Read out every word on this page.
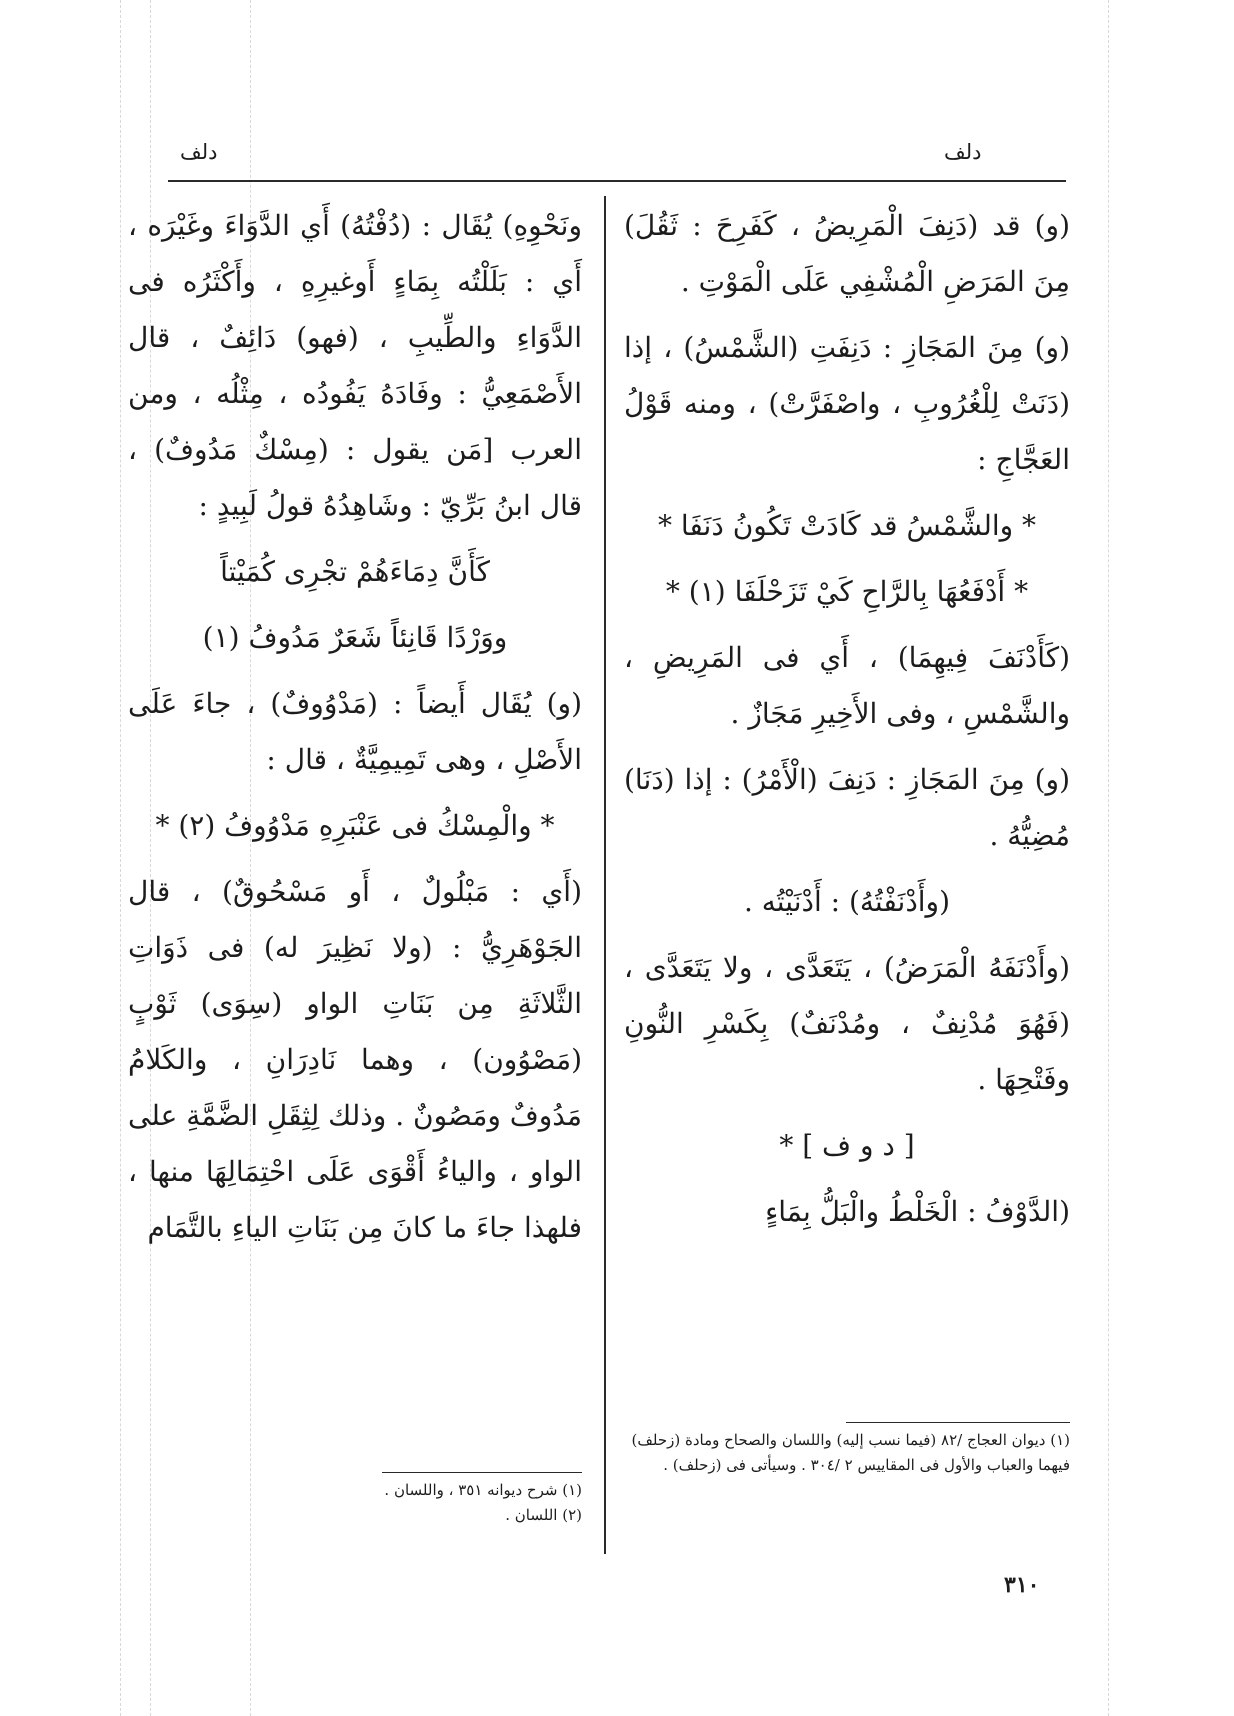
دلف
دلف

(و) قد (دَنِفَ الْمَرِيضُ ، كَفَرِحَ : ثَقُلَ) مِنَ المَرَضِ الْمُشْفِي عَلَى الْمَوْتِ .

(و) مِنَ المَجَازِ : دَنِفَتِ (الشَّمْسُ) ، إذا (دَنَتْ لِلْغُرُوبِ ، واصْفَرَّتْ) ، ومنه قَوْلُ العَجَّاجِ :

* والشَّمْسُ قد كَادَتْ تَكُونُ دَنَفَا *

* أَدْفَعُهَا بِالرَّاحِ كَيْ تَزَحْلَفَا (١) *

(كَأَدْنَفَ فِيهِمَا) ، أَي فى المَرِيضِ ، والشَّمْسِ ، وفى الأَخِيرِ مَجَازٌ .

(و) مِنَ المَجَازِ : دَنِفَ (الْأَمْرُ) : إذا (دَنَا) مُضِيُّهُ .

(وأَدْنَفْتُهُ) : أَدْنَيْتُه .

(وأَدْنَفَهُ الْمَرَضُ) ، يَتَعَدَّى ، ولا يَتَعَدَّى ، (فَهُوَ مُدْنِفٌ ، ومُدْنَفٌ) بِكَسْرِ النُّونِ وفَتْحِهَا .

[ د و ف ] *

(الدَّوْفُ : الْخَلْطُ والْبَلُّ بِمَاءٍ

(١) ديوان العجاج /٨٢ (فيما نسب إليه) واللسان والصحاح ومادة (زحلف) فيهما والعباب والأول فى المقاييس ٢ /٣٠٤ . وسيأتى فى (زحلف) .

ونَحْوِهِ) يُقَال : (دُفْتُهُ) أَي الدَّوَاءَ وغَيْرَه ، أَي : بَلَلْتُه بِمَاءٍ أَوغيرِهِ ، وأَكْثَرُه فى الدَّوَاءِ والطِّيبِ ، (فهو) دَائِفٌ ، قال الأَصْمَعِيُّ : وفَادَهُ يَفُودُه ، مِثْلُه ، ومن العرب [مَن يقول : (مِسْكٌ مَدُوفٌ) ، قال ابنُ بَرِّيّ : وشَاهِدُهُ قولُ لَبِيدٍ :

كَأَنَّ دِمَاءَهُمْ تجْرِى كُمَيْتاً

ووَرْدًا قَانِئاً شَعَرٌ مَدُوفُ (١)

(و) يُقَال أَيضاً : (مَدْوُوفٌ) ، جاءَ عَلَى الأَصْلِ ، وهى تَمِيمِيَّةٌ ، قال :

* والْمِسْكُ فى عَنْبَرِهِ مَدْوُوفُ (٢) *

(أَي : مَبْلُولٌ ، أَو مَسْحُوقٌ) ، قال الجَوْهَرِيُّ : (ولا نَظِيرَ له) فى ذَوَاتِ الثَّلاثَةِ مِن بَنَاتِ الواو (سِوَى) ثَوْبٍ (مَصْوُون) ، وهما نَادِرَانِ ، والكَلامُ مَدُوفٌ ومَصُونٌ . وذلك لِثِقَلِ الضَّمَّةِ على الواو ، والياءُ أَقْوَى عَلَى احْتِمَالِهَا منها ، فلهذا جاءَ ما كانَ مِن بَنَاتِ الياءِ بالتَّمَام

(١) شرح ديوانه ٣٥١ ، واللسان .

(٢) اللسان .

٣١٠
